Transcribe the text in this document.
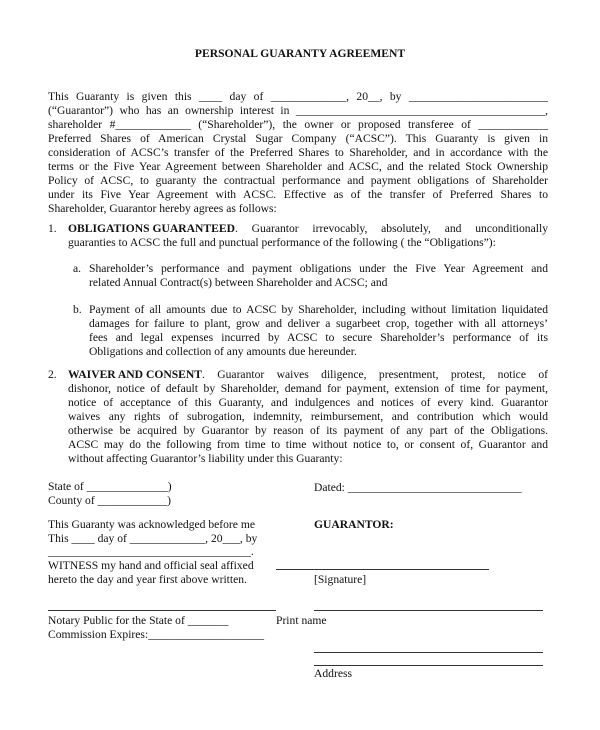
PERSONAL GUARANTY AGREEMENT
This Guaranty is given this ____ day of _____________, 20__, by ________________________
(“Guarantor”) who has an ownership interest in ___________________________________________,
shareholder #_____________ (“Shareholder”), the owner or proposed transferee of ____________
Preferred Shares of American Crystal Sugar Company (“ACSC”). This Guaranty is given in
consideration of ACSC’s transfer of the Preferred Shares to Shareholder, and in accordance with the
terms or the Five Year Agreement between Shareholder and ACSC, and the related Stock Ownership
Policy of ACSC, to guaranty the contractual performance and payment obligations of Shareholder
under its Five Year Agreement with ACSC. Effective as of the transfer of Preferred Shares to
Shareholder, Guarantor hereby agrees as follows:
1. OBLIGATIONS GUARANTEED . Guarantor irrevocably, absolutely, and unconditionally
guaranties to ACSC the full and punctual performance of the following ( the “Obligations”):
a. Shareholder’s performance and payment obligations under the Five Year Agreement and
related Annual Contract(s) between Shareholder and ACSC; and
b. Payment of all amounts due to ACSC by Shareholder, including without limitation liquidated
damages for failure to plant, grow and deliver a sugarbeet crop, together with all attorneys’
fees and legal expenses incurred by ACSC to secure Shareholder’s performance of its
Obligations and collection of any amounts due hereunder.
2. WAIVER AND CONSENT . Guarantor waives diligence, presentment, protest, notice of
dishonor, notice of default by Shareholder, demand for payment, extension of time for payment,
notice of acceptance of this Guaranty, and indulgences and notices of every kind. Guarantor
waives any rights of subrogation, indemnity, reimbursement, and contribution which would
otherwise be acquired by Guarantor by reason of its payment of any part of the Obligations.
ACSC may do the following from time to time without notice to, or consent of, Guarantor and
without affecting Guarantor’s liability under this Guaranty:
State of ______________)
County of ____________)
This Guaranty was acknowledged before me
This ____ day of _____________, 20___, by
___________________________________.
WITNESS my hand and official seal affixed
hereto the day and year first above written.
Notary Public for the State of _______
Commission Expires:____________________
Dated: ______________________________
GUARANTOR:
[Signature]
Print name
Address
